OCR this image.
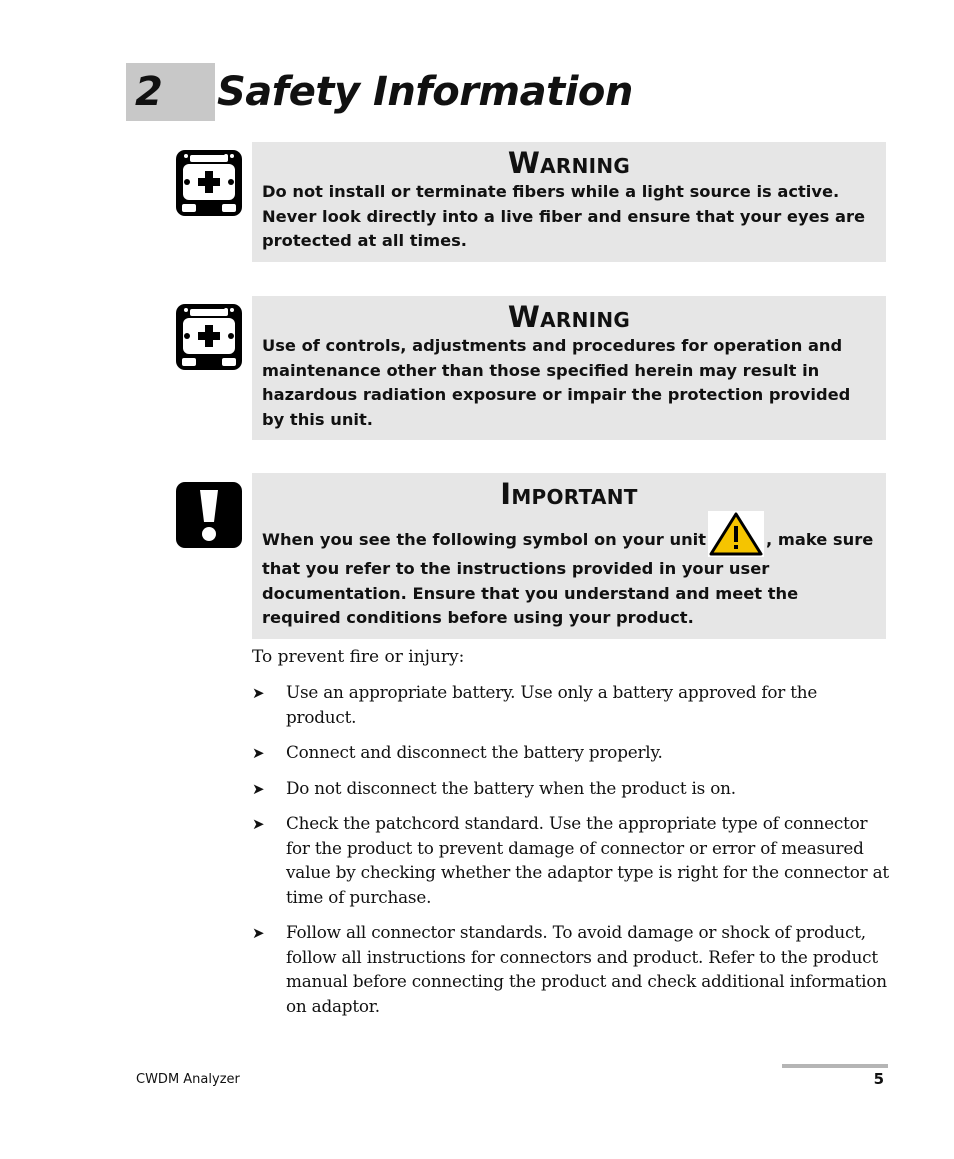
2 Safety Information
Warning
Do not install or terminate fibers while a light source is active. Never look directly into a live fiber and ensure that your eyes are protected at all times.
Warning
Use of controls, adjustments and procedures for operation and maintenance other than those specified herein may result in hazardous radiation exposure or impair the protection provided by this unit.
Important
When you see the following symbol on your unit	, make sure that you refer to the instructions provided in your user documentation. Ensure that you understand and meet the required conditions before using your product.
To prevent fire or injury:
➤ Use an appropriate battery. Use only a battery approved for the product.
➤ Connect and disconnect the battery properly.
➤ Do not disconnect the battery when the product is on.
➤ Check the patchcord standard. Use the appropriate type of connector for the product to prevent damage of connector or error of measured value by checking whether the adaptor type is right for the connector at time of purchase.
➤ Follow all connector standards. To avoid damage or shock of product, follow all instructions for connectors and product. Refer to the product manual before connecting the product and check additional information on adaptor.
CWDM Analyzer	5
